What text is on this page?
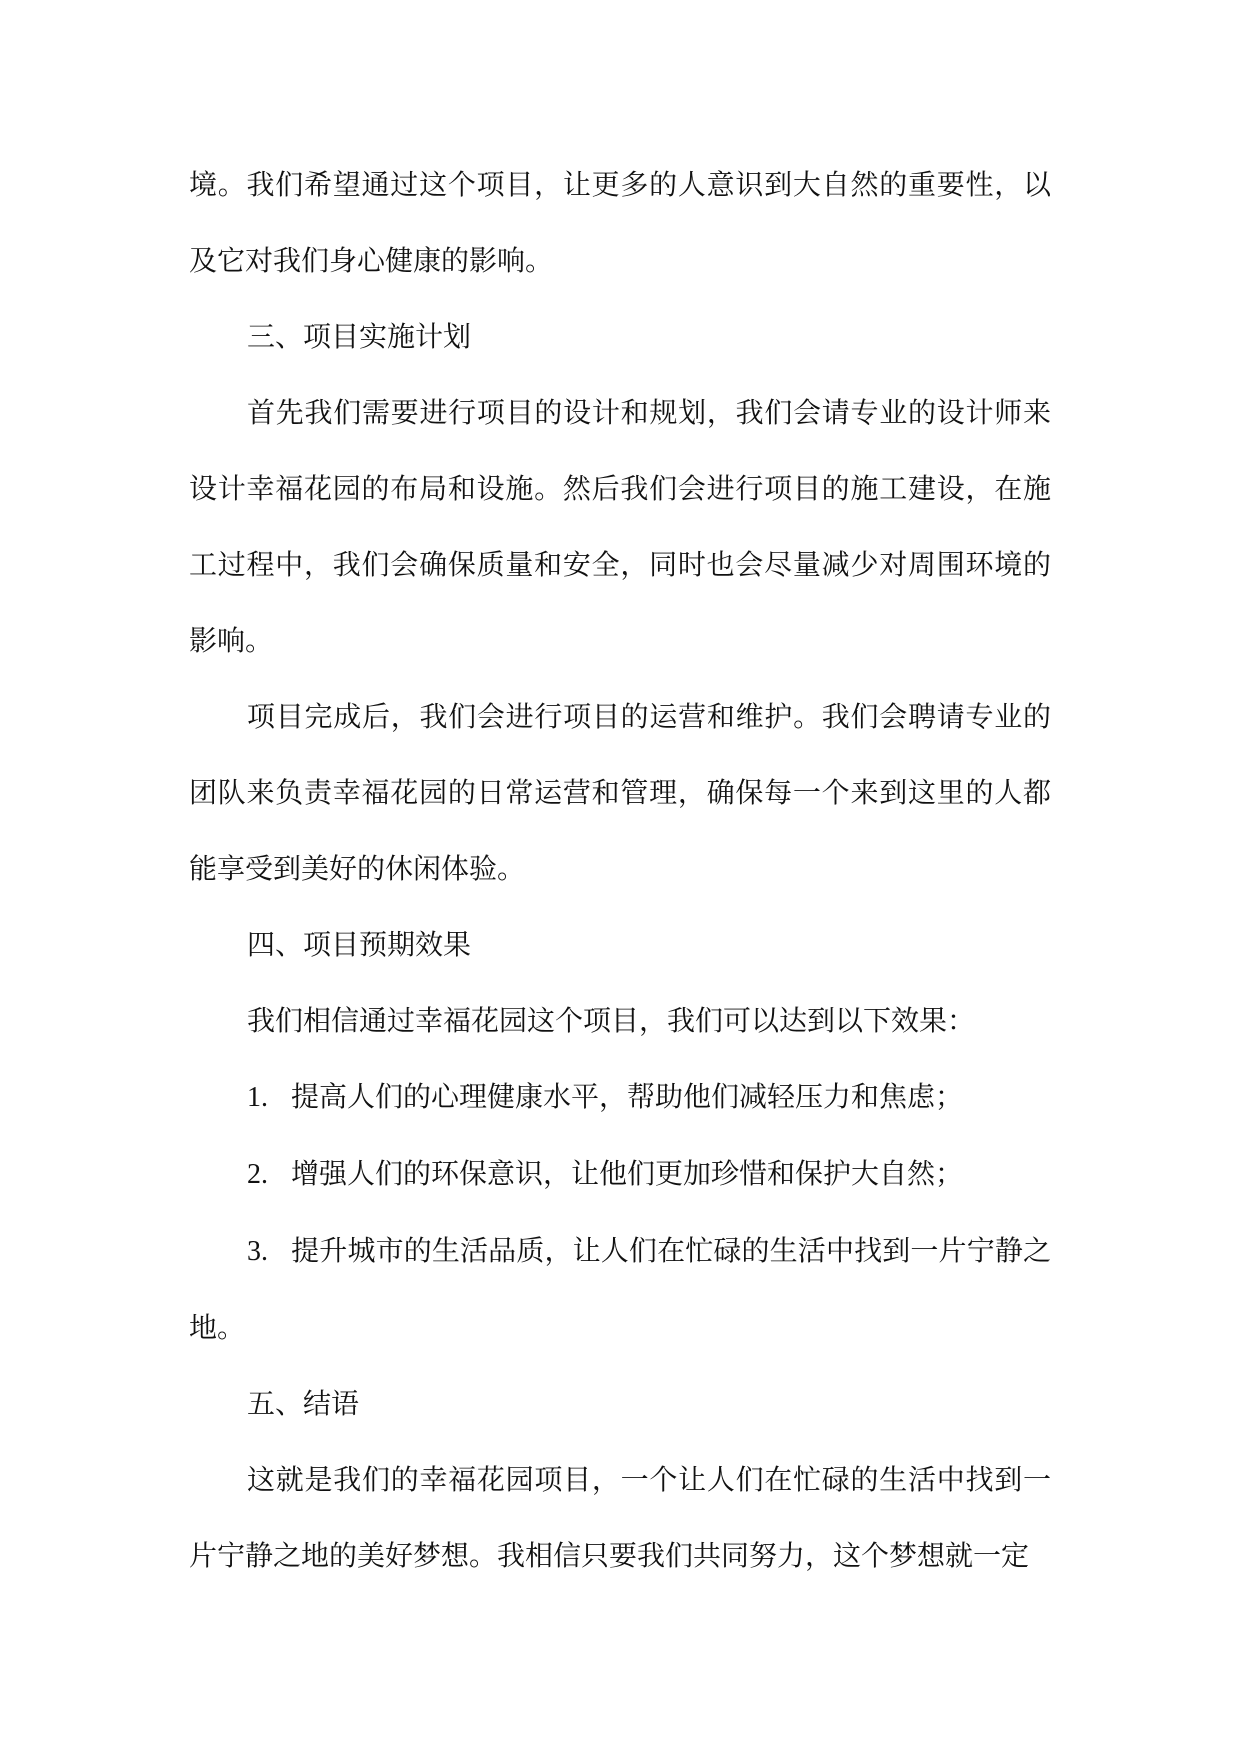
境。我们希望通过这个项目，让更多的人意识到大自然的重要性，以及它对我们身心健康的影响。

三、项目实施计划

首先我们需要进行项目的设计和规划，我们会请专业的设计师来设计幸福花园的布局和设施。然后我们会进行项目的施工建设，在施工过程中，我们会确保质量和安全，同时也会尽量减少对周围环境的影响。

项目完成后，我们会进行项目的运营和维护。我们会聘请专业的团队来负责幸福花园的日常运营和管理，确保每一个来到这里的人都能享受到美好的休闲体验。

四、项目预期效果

我们相信通过幸福花园这个项目，我们可以达到以下效果：

1. 提高人们的心理健康水平，帮助他们减轻压力和焦虑；

2. 增强人们的环保意识，让他们更加珍惜和保护大自然；

3. 提升城市的生活品质，让人们在忙碌的生活中找到一片宁静之地。

五、结语

这就是我们的幸福花园项目，一个让人们在忙碌的生活中找到一片宁静之地的美好梦想。我相信只要我们共同努力，这个梦想就一定
